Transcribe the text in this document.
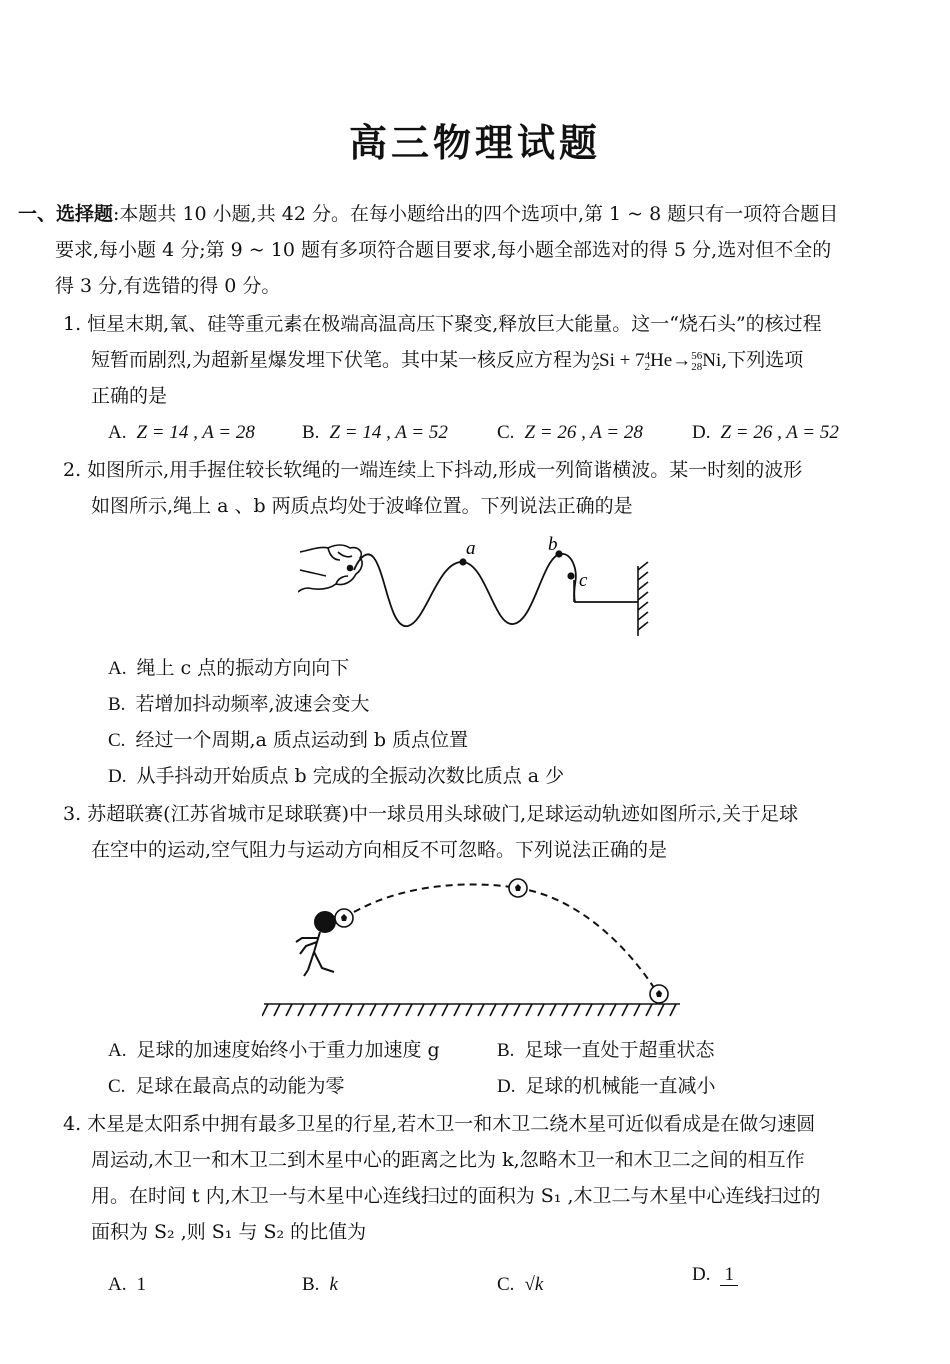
高三物理试题
一、选择题:本题共 10 小题,共 42 分。在每小题给出的四个选项中,第 1 ~ 8 题只有一项符合题目
要求,每小题 4 分;第 9 ~ 10 题有多项符合题目要求,每小题全部选对的得 5 分,选对但不全的
得 3 分,有选错的得 0 分。
1. 恒星末期,氧、硅等重元素在极端高温高压下聚变,释放巨大能量。这一“烧石头”的核过程
短暂而剧烈,为超新星爆发埋下伏笔。其中某一核反应方程为 A
Z Si + 7 4
2 He→ 56
28 Ni,下列选项
正确的是
A. Z = 14 , A = 28 B. Z = 14 , A = 52	C. Z = 26 , A = 28	D. Z = 26 , A = 52
2. 如图所示,用手握住较长软绳的一端连续上下抖动,形成一列简谐横波。某一时刻的波形
如图所示,绳上 a 、b 两质点均处于波峰位置。下列说法正确的是
a	b
c
A. 绳上 c 点的振动方向向下
B. 若增加抖动频率,波速会变大
C. 经过一个周期,a 质点运动到 b 质点位置
D. 从手抖动开始质点 b 完成的全振动次数比质点 a 少
3. 苏超联赛(江苏省城市足球联赛)中一球员用头球破门,足球运动轨迹如图所示,关于足球
在空中的运动,空气阻力与运动方向相反不可忽略。下列说法正确的是
A. 足球的加速度始终小于重力加速度 g	B. 足球一直处于超重状态
C. 足球在最高点的动能为零	D. 足球的机械能一直减小
4. 木星是太阳系中拥有最多卫星的行星,若木卫一和木卫二绕木星可近似看成是在做匀速圆
周运动,木卫一和木卫二到木星中心的距离之比为 k,忽略木卫一和木卫二之间的相互作
用。在时间 t 内,木卫一与木星中心连线扫过的面积为 S₁ ,木卫二与木星中心连线扫过的
面积为 S₂ ,则 S₁ 与 S₂ 的比值为
A. 1	B. k	C. √k	D. 1
